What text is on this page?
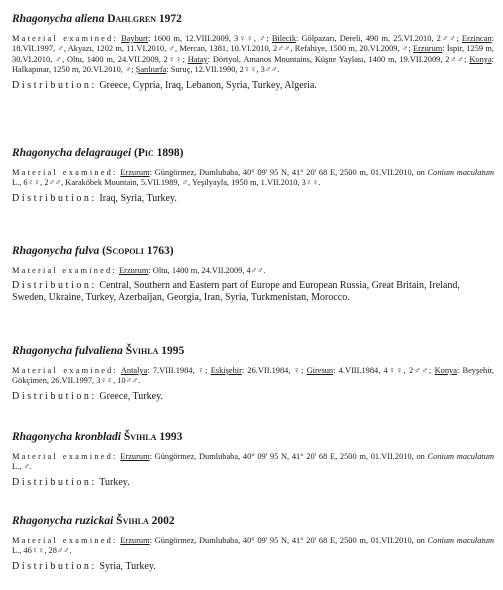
Rhagonycha aliena Dahlgren 1972

Material examined: Bayburt: 1600 m, 12.VIII.2009, 3♀♀, ♂; Bilecik: Gölpazarı, Dereli, 490 m, 25.VI.2010, 2♂♂; Erzincan: 18.VII.1997, ♂, Akyazı, 1202 m, 11.VI.2010, ♂, Mercan, 1381, 10.VI.2010, 2♂♂, Refahiye, 1500 m, 20.VI.2009, ♂; Erzurum: İspir, 1259 m, 30.VI.2010, ♂, Oltu, 1400 m, 24.VII.2009, 2♀♀; Hatay: Dörtyol, Amanos Mountains, Küşne Yaylası, 1400 m, 19.VII.2009, 2♂♂; Konya: Halkapınar, 1250 m, 20.VI.2010, ♂; Şanlıurfa: Suruç, 12.VII.1990, 2♀♀, 3♂♂.

Distribution: Greece, Cypria, Iraq, Lebanon, Syria, Turkey, Algeria.

Rhagonycha delagraugei (Pic 1898)

Material examined: Erzurum: Güngörmez, Dumlubaba, 40° 09' 95 N, 41° 20' 68 E, 2500 m, 01.VII.2010, on Conium maculatum L., 6♀♀, 2♂♂, Karaköbek Mountain, 5.VII.1989, ♂, Yeşilyayla, 1950 m, 1.VII.2010, 3♀♀.

Distribution: Iraq, Syria, Turkey.

Rhagonycha fulva (Scopoli 1763)

Material examined: Erzurum: Oltu, 1400 m, 24.VII.2009, 4♂♂.

Distribution: Central, Southern and Eastern part of Europe and European Russia, Great Britain, Ireland, Sweden, Ukraine, Turkey, Azerbaijan, Georgia, Iran, Syria, Turkmenistan, Morocco.

Rhagonycha fulvaliena Švihla 1995

Material examined: Antalya: 7.VIII.1984, ♀; Eskişehir: 26.VII.1984, ♀; Giresun: 4.VIII.1984, 4♀♀, 2♂♂; Konya: Beyşehir, Gökçimen, 26.VII.1997, 3♀♀, 10♂♂.

Distribution: Greece, Turkey.

Rhagonycha kronbladi Švihla 1993

Material examined: Erzurum: Güngörmez, Dumlubaba, 40° 09' 95 N, 41° 20' 68 E, 2500 m, 01.VII.2010, on Conium maculatum L., ♂.

Distribution: Turkey.

Rhagonycha ruzickai Švihla 2002

Material examined: Erzurum: Güngörmez, Dumlubaba, 40° 09' 95 N, 41° 20' 68 E, 2500 m, 01.VII.2010, on Conium maculatum L., 46♀♀, 28♂♂.

Distribution: Syria, Turkey.
